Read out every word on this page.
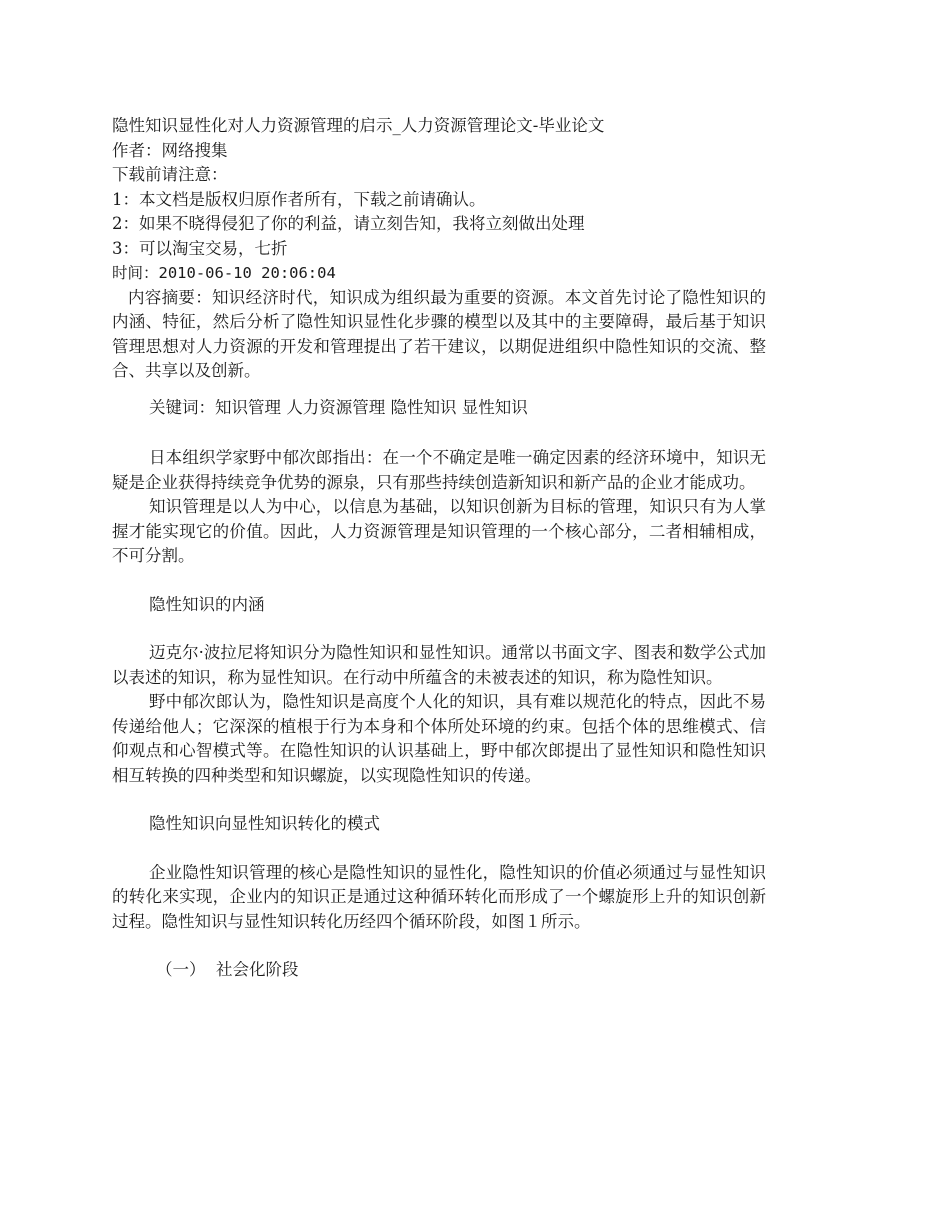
隐性知识显性化对人力资源管理的启示_人力资源管理论文-毕业论文
作者：网络搜集
下载前请注意：
1：本文档是版权归原作者所有，下载之前请确认。
2：如果不晓得侵犯了你的利益，请立刻告知，我将立刻做出处理
3：可以淘宝交易，七折
时间：2010-06-10 20:06:04
内容摘要：知识经济时代，知识成为组织最为重要的资源。本文首先讨论了隐性知识的内涵、特征，然后分析了隐性知识显性化步骤的模型以及其中的主要障碍，最后基于知识管理思想对人力资源的开发和管理提出了若干建议，以期促进组织中隐性知识的交流、整合、共享以及创新。
关键词：知识管理 人力资源管理 隐性知识 显性知识
日本组织学家野中郁次郎指出：在一个不确定是唯一确定因素的经济环境中，知识无疑是企业获得持续竞争优势的源泉，只有那些持续创造新知识和新产品的企业才能成功。
知识管理是以人为中心，以信息为基础，以知识创新为目标的管理，知识只有为人掌握才能实现它的价值。因此，人力资源管理是知识管理的一个核心部分，二者相辅相成，不可分割。
隐性知识的内涵
迈克尔·波拉尼将知识分为隐性知识和显性知识。通常以书面文字、图表和数学公式加以表述的知识，称为显性知识。在行动中所蕴含的未被表述的知识，称为隐性知识。
野中郁次郎认为，隐性知识是高度个人化的知识，具有难以规范化的特点，因此不易传递给他人；它深深的植根于行为本身和个体所处环境的约束。包括个体的思维模式、信仰观点和心智模式等。在隐性知识的认识基础上，野中郁次郎提出了显性知识和隐性知识相互转换的四种类型和知识螺旋，以实现隐性知识的传递。
隐性知识向显性知识转化的模式
企业隐性知识管理的核心是隐性知识的显性化，隐性知识的价值必须通过与显性知识的转化来实现，企业内的知识正是通过这种循环转化而形成了一个螺旋形上升的知识创新过程。隐性知识与显性知识转化历经四个循环阶段，如图１所示。
（一）  社会化阶段
